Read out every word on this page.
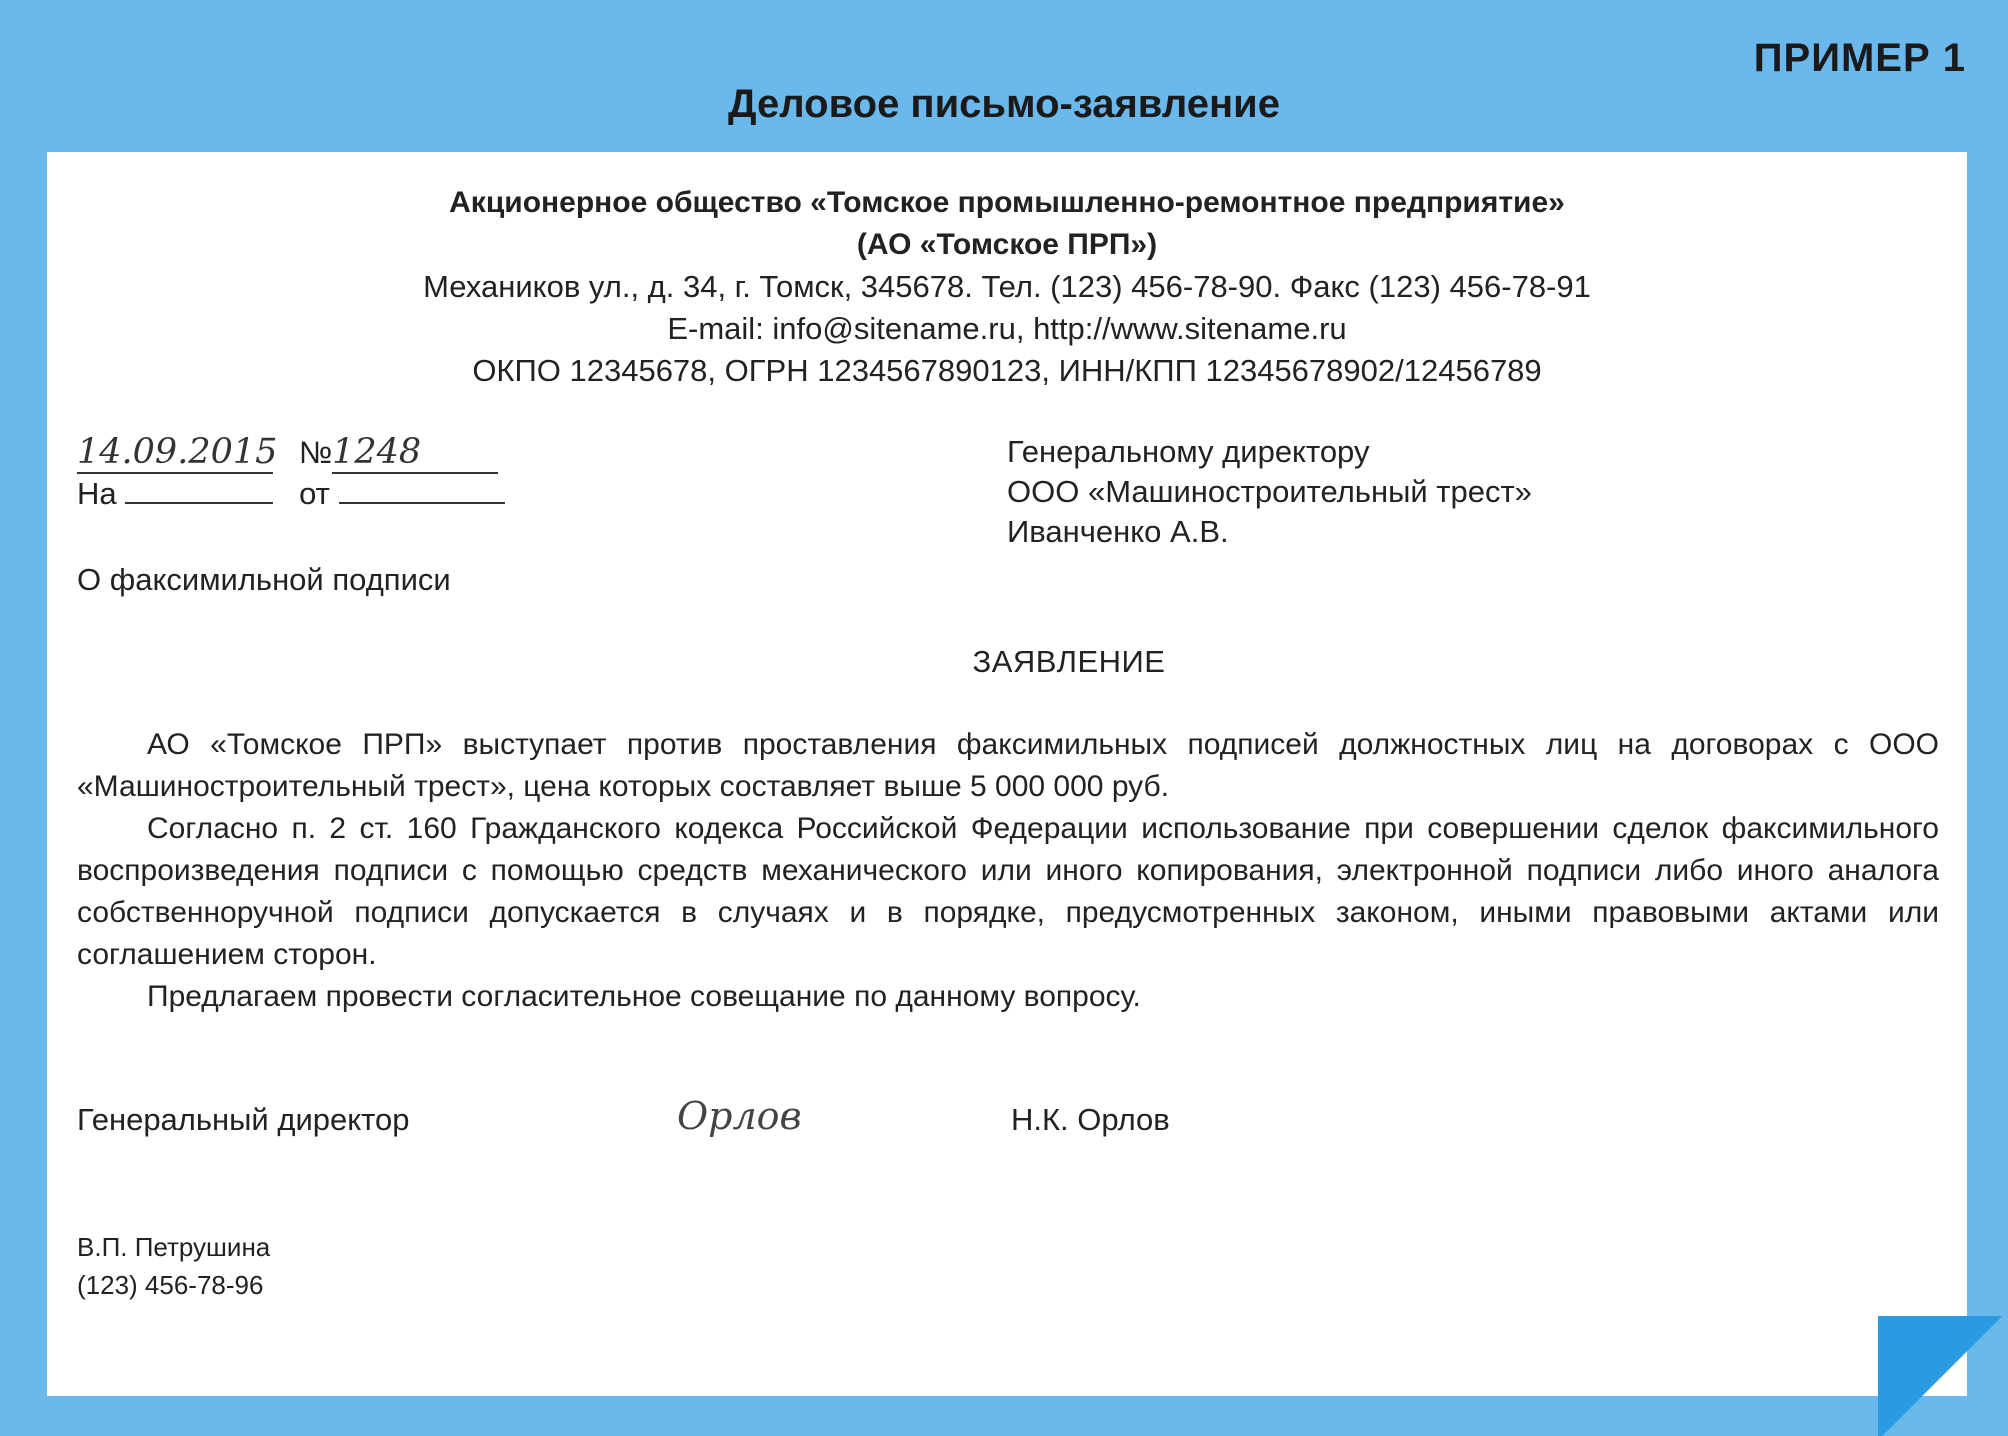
ПРИМЕР 1
Деловое письмо-заявление
Акционерное общество «Томское промышленно-ремонтное предприятие»
(АО «Томское ПРП»)
Механиков ул., д. 34, г. Томск, 345678. Тел. (123) 456-78-90. Факс (123) 456-78-91
E-mail: info@sitename.ru, http://www.sitename.ru
ОКПО 12345678, ОГРН 1234567890123, ИНН/КПП 12345678902/12456789
14.09.2015 №1248
На	от
Генеральному директору
ООО «Машиностроительный трест»
Иванченко А.В.
О факсимильной подписи
ЗАЯВЛЕНИЕ

АО «Томское ПРП» выступает против проставления факсимильных подписей должностных лиц на договорах с ООО «Машиностроительный трест», цена которых составляет выше 5 000 000 руб.

Согласно п. 2 ст. 160 Гражданского кодекса Российской Федерации использование при совершении сделок факсимильного воспроизведения подписи с помощью средств механического или иного копирования, электронной подписи либо иного аналога собственноручной подписи допускается в случаях и в порядке, предусмотренных законом, иными правовыми актами или соглашением сторон.

Предлагаем провести согласительное совещание по данному вопросу.

Генеральный директор	Орлов	Н.К. Орлов
В.П. Петрушина
(123) 456-78-96
